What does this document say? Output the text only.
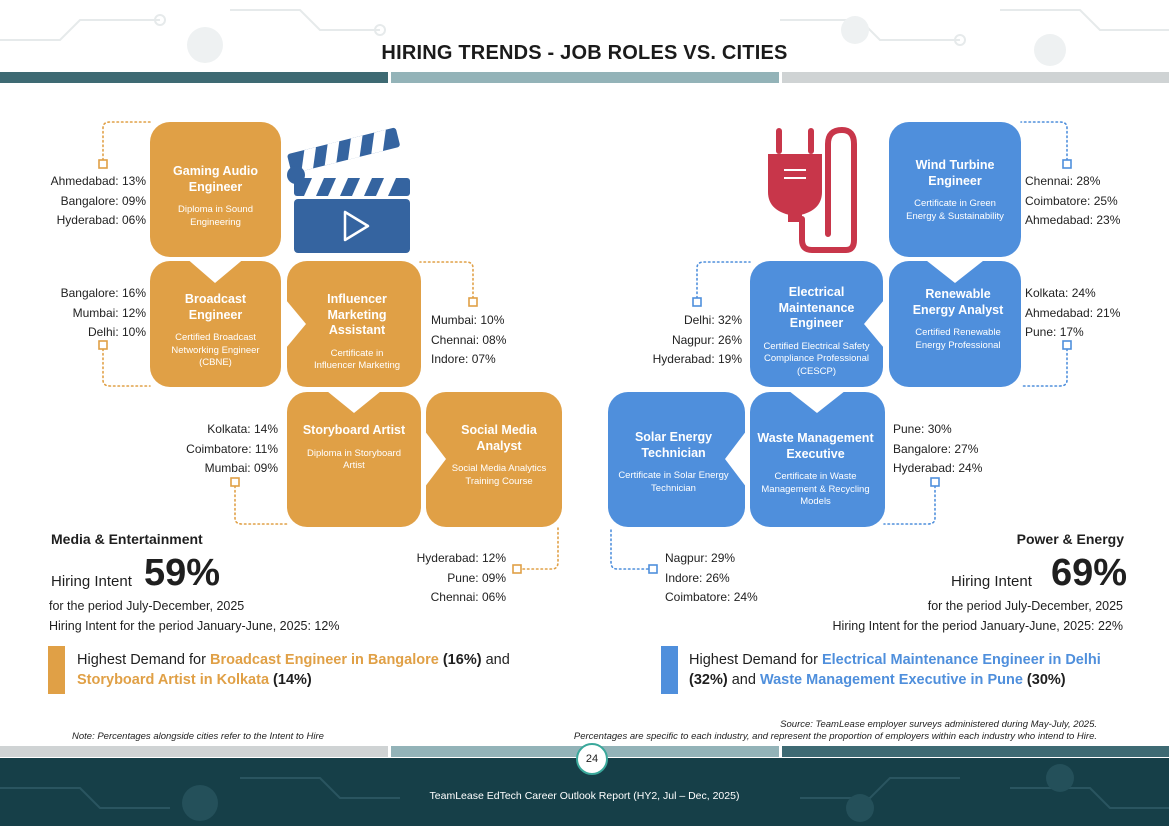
HIRING TRENDS - JOB ROLES VS. CITIES
Gaming Audio Engineer
Diploma in Sound Engineering
Broadcast Engineer
Certified Broadcast Networking Engineer (CBNE)
Influencer Marketing Assistant
Certificate in Influencer Marketing
Storyboard Artist
Diploma in Storyboard Artist
Social Media Analyst
Social Media Analytics Training Course
Wind Turbine Engineer
Certificate in Green Energy & Sustainability
Electrical Maintenance Engineer
Certified Electrical Safety Compliance Professional (CESCP)
Renewable Energy Analyst
Certified Renewable Energy Professional
Solar Energy Technician
Certificate in Solar Energy Technician
Waste Management Executive
Certificate in Waste Management & Recycling Models
Ahmedabad: 13%
Bangalore: 09%
Hyderabad: 06%
Bangalore: 16%
Mumbai: 12%
Delhi: 10%
Mumbai: 10%
Chennai: 08%
Indore: 07%
Kolkata: 14%
Coimbatore: 11%
Mumbai: 09%
Hyderabad: 12%
Pune: 09%
Chennai: 06%
Chennai: 28%
Coimbatore: 25%
Ahmedabad: 23%
Kolkata: 24%
Ahmedabad: 21%
Pune: 17%
Delhi: 32%
Nagpur: 26%
Hyderabad: 19%
Pune: 30%
Bangalore: 27%
Hyderabad: 24%
Nagpur: 29%
Indore: 26%
Coimbatore: 24%
Media & Entertainment
Hiring Intent 59%
for the period July-December, 2025
Hiring Intent for the period January-June, 2025: 12%
Highest Demand for Broadcast Engineer in Bangalore (16%) and Storyboard Artist in Kolkata (14%)
Power & Energy
Hiring Intent 69%
for the period July-December, 2025
Hiring Intent for the period January-June, 2025: 22%
Highest Demand for Electrical Maintenance Engineer in Delhi
(32%) and Waste Management Executive in Pune (30%)
Note: Percentages alongside cities refer to the Intent to Hire
Source: TeamLease employer surveys administered during May-July, 2025.
Percentages are specific to each industry, and represent the proportion of employers within each industry who intend to Hire.
24
TeamLease EdTech Career Outlook Report (HY2, Jul – Dec, 2025)
